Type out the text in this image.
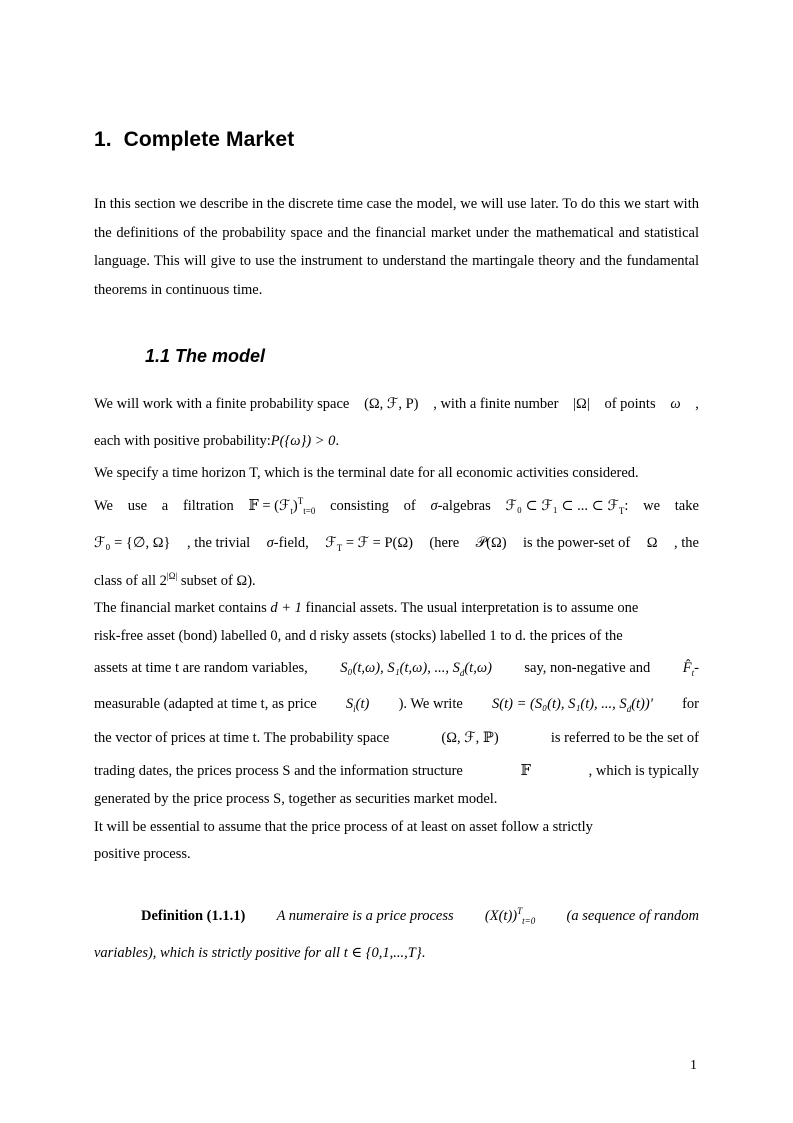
1. Complete Market

In this section we describe in the discrete time case the model, we will use later. To do this we start with the definitions of the probability space and the financial market under the mathematical and statistical language. This will give to use the instrument to understand the martingale theory and the fundamental theorems in continuous time.

1.1 The model
We will work with a finite probability space (Ω, ℱ, P) , with a finite number |Ω| of points ω ,
each with positive probability: P({ω}) > 0 .
We specify a time horizon T, which is the terminal date for all economic activities considered.
We use a filtration 𝔽 = (ℱ$_t$)$^T_{t=0}$ consisting of σ-algebras ℱ₀ ⊂ ℱ₁ ⊂ ... ⊂ ℱ$_T$: we take
ℱ₀ = {∅, Ω} , the trivial σ-field, ℱ$_T$ = ℱ = P(Ω) (here 𝒫(Ω) is the power-set of Ω , the
class of all
$2^{|\Omega|}$
subset of
Ω ).
The financial market contains
d + 1
financial assets. The usual interpretation is to assume one
risk-free asset (bond) labelled 0, and d risky assets (stocks) labelled 1 to d. the prices of the
assets at time t are random variables, S₀(t,ω), S₁(t,ω), ..., $S_d(t,\omega)$ say, non-negative and $F̂_t-$
measurable (adapted at time t, as price $S_i(t)$ ). We write S(t) = (S₀(t), S₁(t), ..., $S_d(t))'$ for
the vector of prices at time t. The probability space	(Ω, ℱ, ℙ)	is referred to be the set of
trading dates, the prices process S and the information structure	𝔽	, which is typically
generated by the price process S, together as securities market model.
It will be essential to assume that the price process of at least on asset follow a strictly
positive process.
Definition (1.1.1) A numeraire is a price process $(X(t))^T_{t=0}$ (a sequence of random
variables), which is strictly positive for all
t ∈ {0,1,...,T} .
1
